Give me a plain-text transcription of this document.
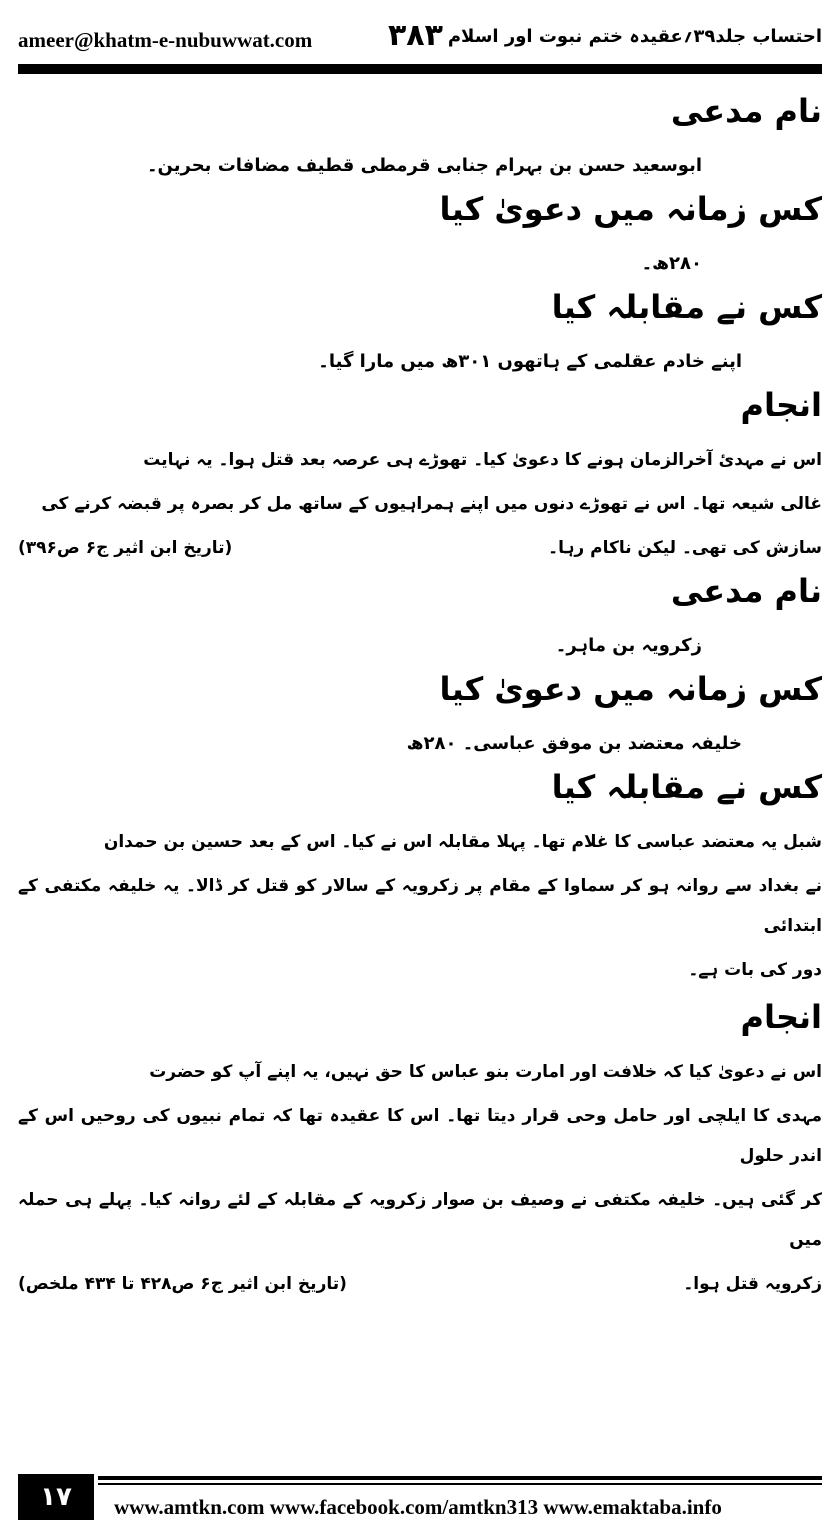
ameer@khatm-e-nubuwwat.com	۳۸۳ احتساب جلد۳۹؍عقیدہ ختم نبوت اور اسلام
نام مدعی
ابوسعید حسن بن بہرام جنابی قرمطی قطیف مضافات بحرین۔
کس زمانہ میں دعویٰ کیا
۲۸۰ھ۔
کس نے مقابلہ کیا
اپنے خادم عقلمی کے ہاتھوں ۳۰۱ھ میں مارا گیا۔
انجام
اس نے مہدیٔ آخرالزمان ہونے کا دعویٰ کیا۔ تھوڑے ہی عرصہ بعد قتل ہوا۔ یہ نہایت
غالی شیعہ تھا۔ اس نے تھوڑے دنوں میں اپنے ہمراہیوں کے ساتھ مل کر بصرہ پر قبضہ کرنے کی
سازش کی تھی۔ لیکن ناکام رہا۔
(تاریخ ابن اثیر ج۶ ص۳۹۶)
نام مدعی
زکرویہ بن ماہر۔
کس زمانہ میں دعویٰ کیا
خلیفہ معتضد بن موفق عباسی۔ ۲۸۰ھ
کس نے مقابلہ کیا
شبل یہ معتضد عباسی کا غلام تھا۔ پہلا مقابلہ اس نے کیا۔ اس کے بعد حسین بن حمدان
نے بغداد سے روانہ ہو کر سماوا کے مقام پر زکرویہ کے سالار کو قتل کر ڈالا۔ یہ خلیفہ مکتفی کے ابتدائی
دور کی بات ہے۔
انجام
اس نے دعویٰ کیا کہ خلافت اور امارت بنو عباس کا حق نہیں، یہ اپنے آپ کو حضرت
مہدی کا ایلچی اور حامل وحی قرار دیتا تھا۔ اس کا عقیدہ تھا کہ تمام نبیوں کی روحیں اس کے اندر حلول
کر گئی ہیں۔ خلیفہ مکتفی نے وصیف بن صوار زکرویہ کے مقابلہ کے لئے روانہ کیا۔ پہلے ہی حملہ میں
زکرویہ قتل ہوا۔
(تاریخ ابن اثیر ج۶ ص۴۲۸ تا ۴۳۴ ملخص)
۱۷	www.amtkn.com www.facebook.com/amtkn313 www.emaktaba.info
